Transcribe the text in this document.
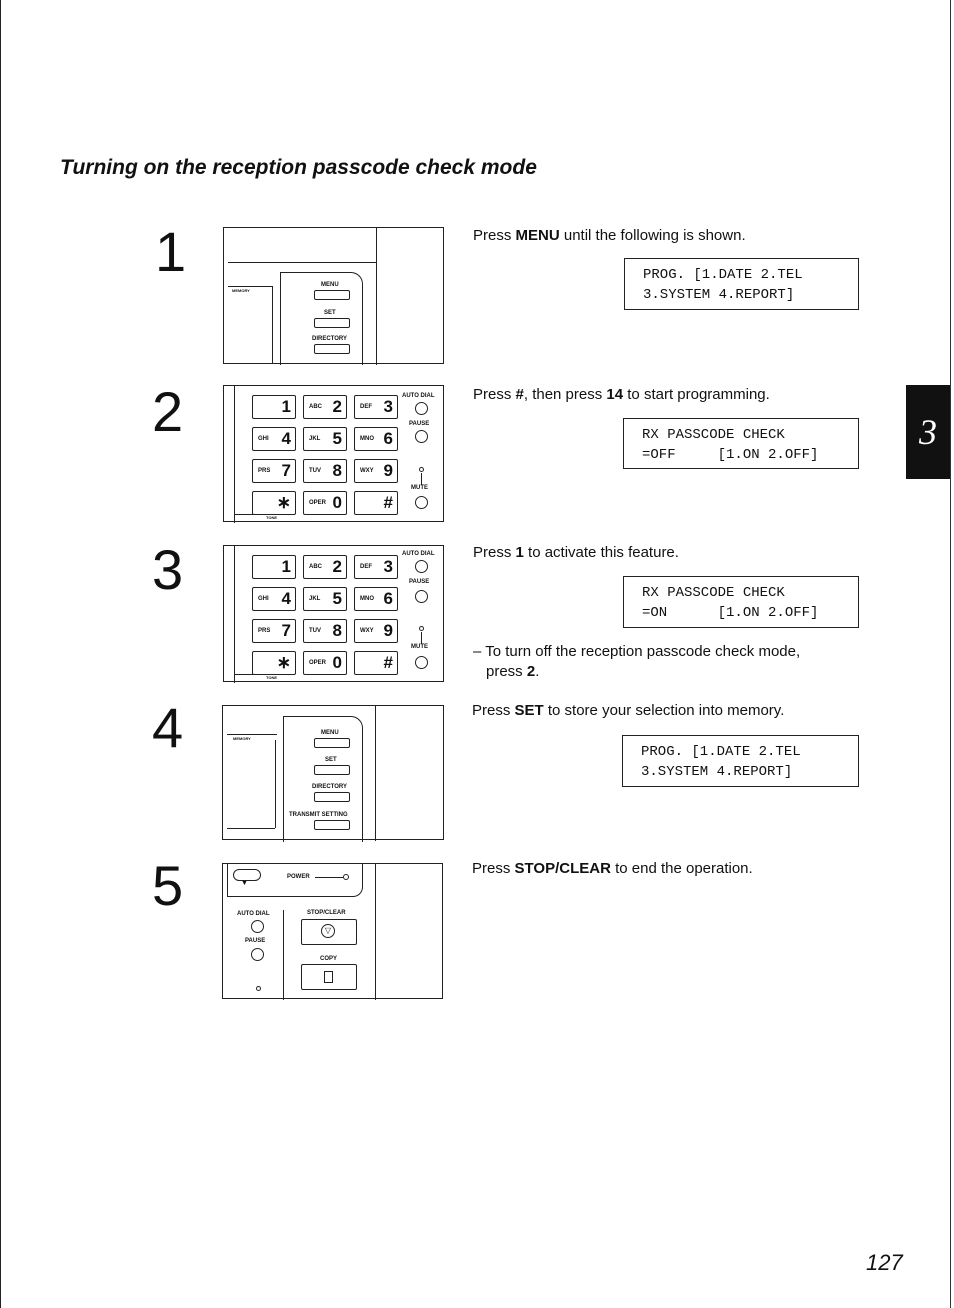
Turning on the reception passcode check mode
1
2
3
4
5
MEMORY
MENU
SET
DIRECTORY
TONE
1	ABC 2	DEF 3
GHI 4	JKL 5	MNO 6
PRS 7	TUV 8	WXY 9
∗	OPER 0 #
AUTO DIAL
PAUSE
MUTE
TONE
1	ABC 2	DEF 3
GHI 4	JKL 5	MNO 6
PRS 7	TUV 8	WXY 9
∗	OPER 0 #
AUTO DIAL
PAUSE
MUTE
MEMORY
MENU
SET
DIRECTORY
TRANSMIT SETTING
▼
POWER
AUTO DIAL
PAUSE
STOP/CLEAR
▽
COPY
Press MENU until the following is shown.
PROG. [1.DATE 2.TEL
3.SYSTEM 4.REPORT]
Press #, then press 14 to start programming.
RX PASSCODE CHECK
=OFF     [1.ON 2.OFF]
Press 1 to activate this feature.
RX PASSCODE CHECK
=ON      [1.ON 2.OFF]
– To turn off the reception passcode check mode,
press 2.
Press SET to store your selection into memory.
PROG. [1.DATE 2.TEL
3.SYSTEM 4.REPORT]
Press STOP/CLEAR to end the operation.
3
127
